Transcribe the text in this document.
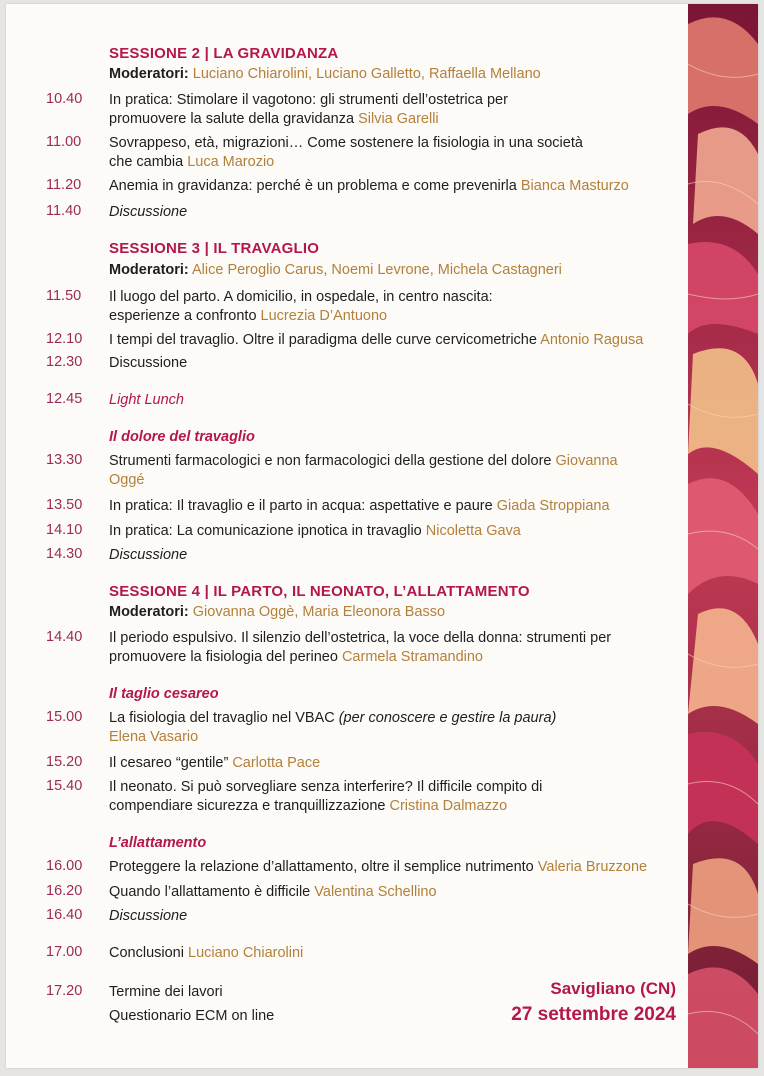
SESSIONE 2 | LA GRAVIDANZA
Moderatori: Luciano Chiarolini, Luciano Galletto, Raffaella Mellano
10.40	In pratica: Stimolare il vagotono: gli strumenti dell’ostetrica per promuovere la salute della gravidanza Silvia Garelli
11.00	Sovrappeso, età, migrazioni… Come sostenere la fisiologia in una società che cambia Luca Marozio
11.20	Anemia in gravidanza: perché è un problema e come prevenirla Bianca Masturzo
11.40	Discussione
SESSIONE 3 | IL TRAVAGLIO
Moderatori: Alice Peroglio Carus, Noemi Levrone, Michela Castagneri
11.50	Il luogo del parto. A domicilio, in ospedale, in centro nascita: esperienze a confronto Lucrezia D’Antuono
12.10	I tempi del travaglio. Oltre il paradigma delle curve cervicometriche Antonio Ragusa
12.30	Discussione
12.45	Light Lunch
Il dolore del travaglio
13.30	Strumenti farmacologici e non farmacologici della gestione del dolore Giovanna Oggé
13.50	In pratica: Il travaglio e il parto in acqua: aspettative e paure Giada Stroppiana
14.10	In pratica: La comunicazione ipnotica in travaglio Nicoletta Gava
14.30	Discussione
SESSIONE 4 | IL PARTO, IL NEONATO, L’ALLATTAMENTO
Moderatori: Giovanna Oggè, Maria Eleonora Basso
14.40	Il periodo espulsivo. Il silenzio dell’ostetrica, la voce della donna: strumenti per promuovere la fisiologia del perineo Carmela Stramandino
Il taglio cesareo
15.00	La fisiologia del travaglio nel VBAC (per conoscere e gestire la paura)
Elena Vasario
15.20	Il cesareo “gentile” Carlotta Pace
15.40	Il neonato. Si può sorvegliare senza interferire? Il difficile compito di compendiare sicurezza e tranquillizzazione Cristina Dalmazzo
L’allattamento
16.00	Proteggere la relazione d’allattamento, oltre il semplice nutrimento Valeria Bruzzone
16.20	Quando l’allattamento è difficile Valentina Schellino
16.40	Discussione
17.00	Conclusioni Luciano Chiarolini
17.20	Termine dei lavori
Questionario ECM on line
Savigliano (CN)
27 settembre 2024
